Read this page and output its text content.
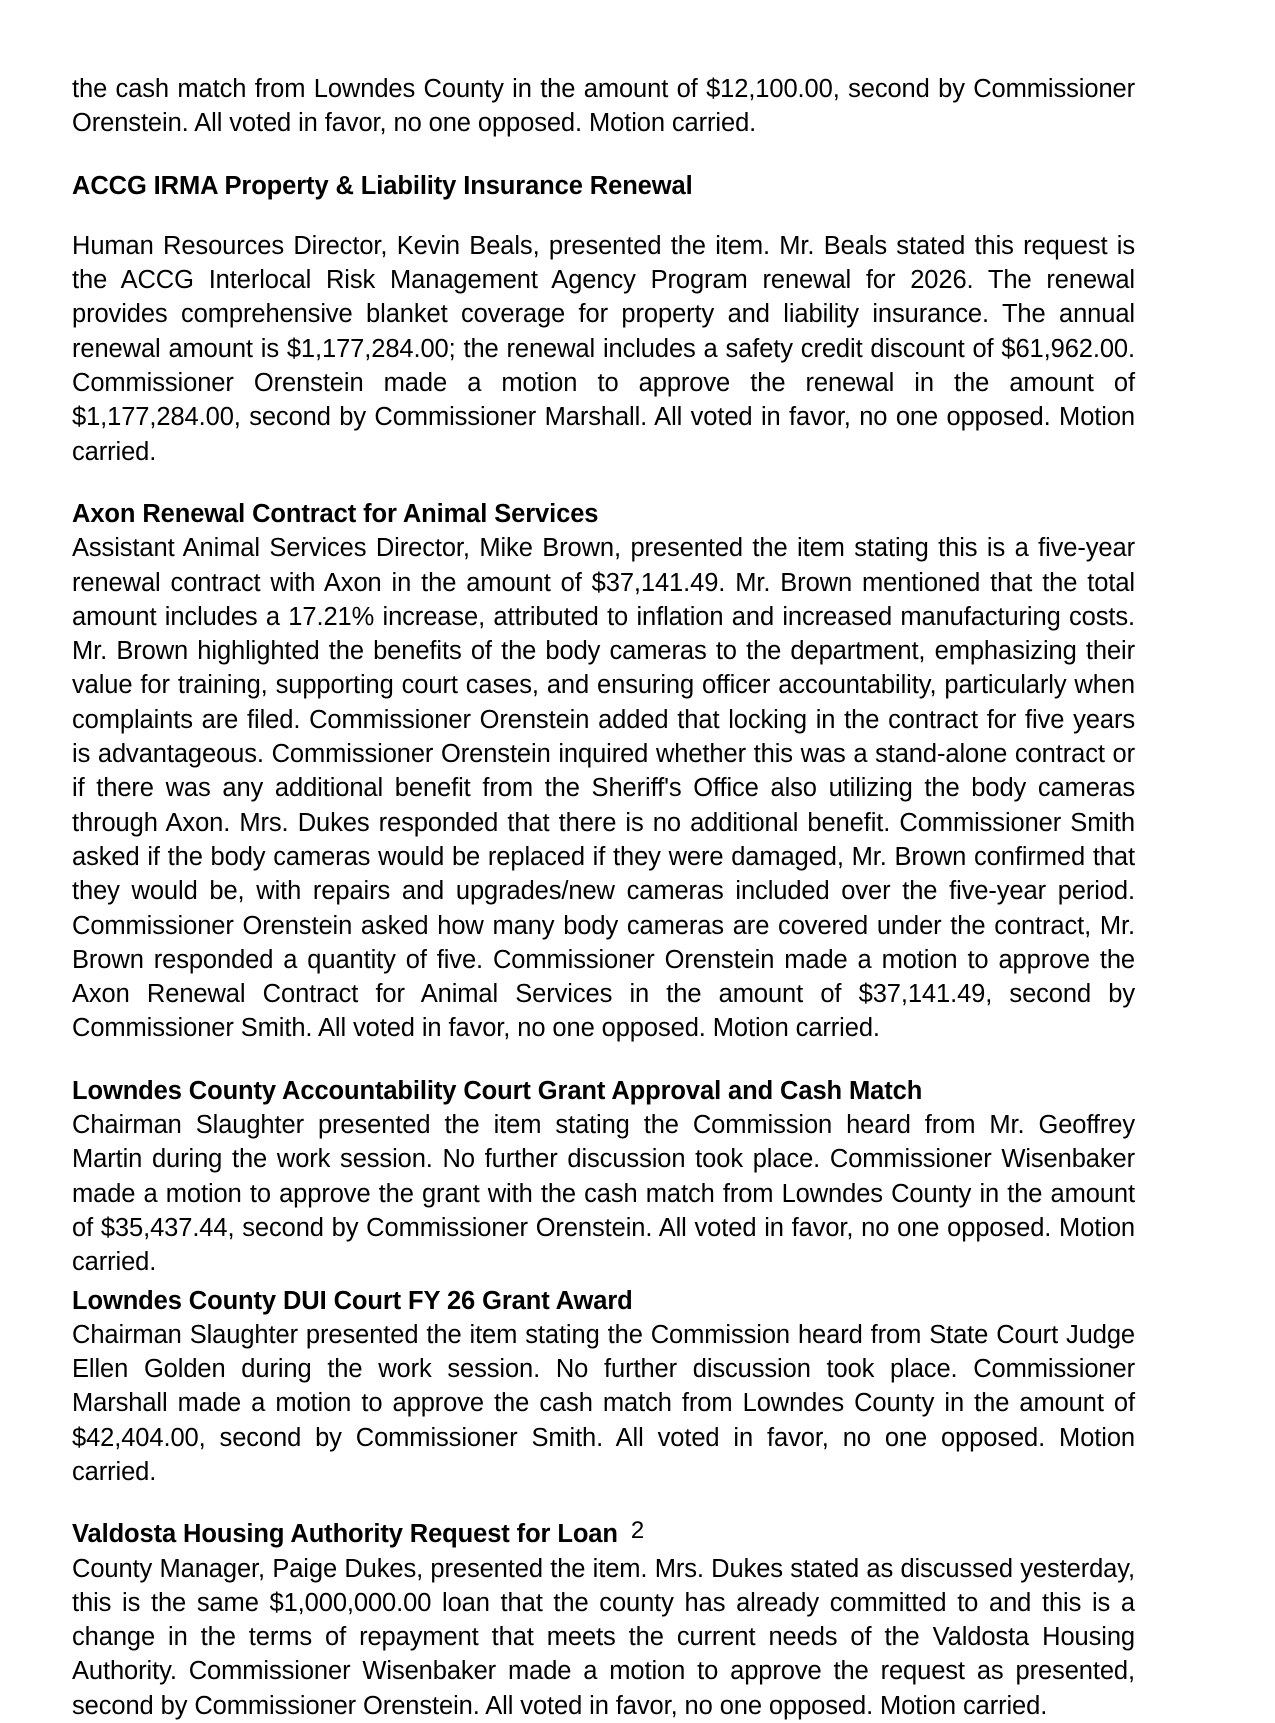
the cash match from Lowndes County in the amount of $12,100.00, second by Commissioner Orenstein. All voted in favor, no one opposed. Motion carried.

ACCG IRMA Property & Liability Insurance Renewal

Human Resources Director, Kevin Beals, presented the item. Mr. Beals stated this request is the ACCG Interlocal Risk Management Agency Program renewal for 2026. The renewal provides comprehensive blanket coverage for property and liability insurance. The annual renewal amount is $1,177,284.00; the renewal includes a safety credit discount of $61,962.00. Commissioner Orenstein made a motion to approve the renewal in the amount of $1,177,284.00, second by Commissioner Marshall. All voted in favor, no one opposed. Motion carried.

Axon Renewal Contract for Animal Services

Assistant Animal Services Director, Mike Brown, presented the item stating this is a five-year renewal contract with Axon in the amount of $37,141.49. Mr. Brown mentioned that the total amount includes a 17.21% increase, attributed to inflation and increased manufacturing costs. Mr. Brown highlighted the benefits of the body cameras to the department, emphasizing their value for training, supporting court cases, and ensuring officer accountability, particularly when complaints are filed. Commissioner Orenstein added that locking in the contract for five years is advantageous. Commissioner Orenstein inquired whether this was a stand-alone contract or if there was any additional benefit from the Sheriff's Office also utilizing the body cameras through Axon. Mrs. Dukes responded that there is no additional benefit. Commissioner Smith asked if the body cameras would be replaced if they were damaged, Mr. Brown confirmed that they would be, with repairs and upgrades/new cameras included over the five-year period. Commissioner Orenstein asked how many body cameras are covered under the contract, Mr. Brown responded a quantity of five. Commissioner Orenstein made a motion to approve the Axon Renewal Contract for Animal Services in the amount of $37,141.49, second by Commissioner Smith. All voted in favor, no one opposed. Motion carried.

Lowndes County Accountability Court Grant Approval and Cash Match

Chairman Slaughter presented the item stating the Commission heard from Mr. Geoffrey Martin during the work session. No further discussion took place. Commissioner Wisenbaker made a motion to approve the grant with the cash match from Lowndes County in the amount of $35,437.44, second by Commissioner Orenstein. All voted in favor, no one opposed. Motion carried.

Lowndes County DUI Court FY 26 Grant Award

Chairman Slaughter presented the item stating the Commission heard from State Court Judge Ellen Golden during the work session. No further discussion took place. Commissioner Marshall made a motion to approve the cash match from Lowndes County in the amount of $42,404.00, second by Commissioner Smith. All voted in favor, no one opposed. Motion carried.

Valdosta Housing Authority Request for Loan

County Manager, Paige Dukes, presented the item. Mrs. Dukes stated as discussed yesterday, this is the same $1,000,000.00 loan that the county has already committed to and this is a change in the terms of repayment that meets the current needs of the Valdosta Housing Authority. Commissioner Wisenbaker made a motion to approve the request as presented, second by Commissioner Orenstein. All voted in favor, no one opposed. Motion carried.

2
